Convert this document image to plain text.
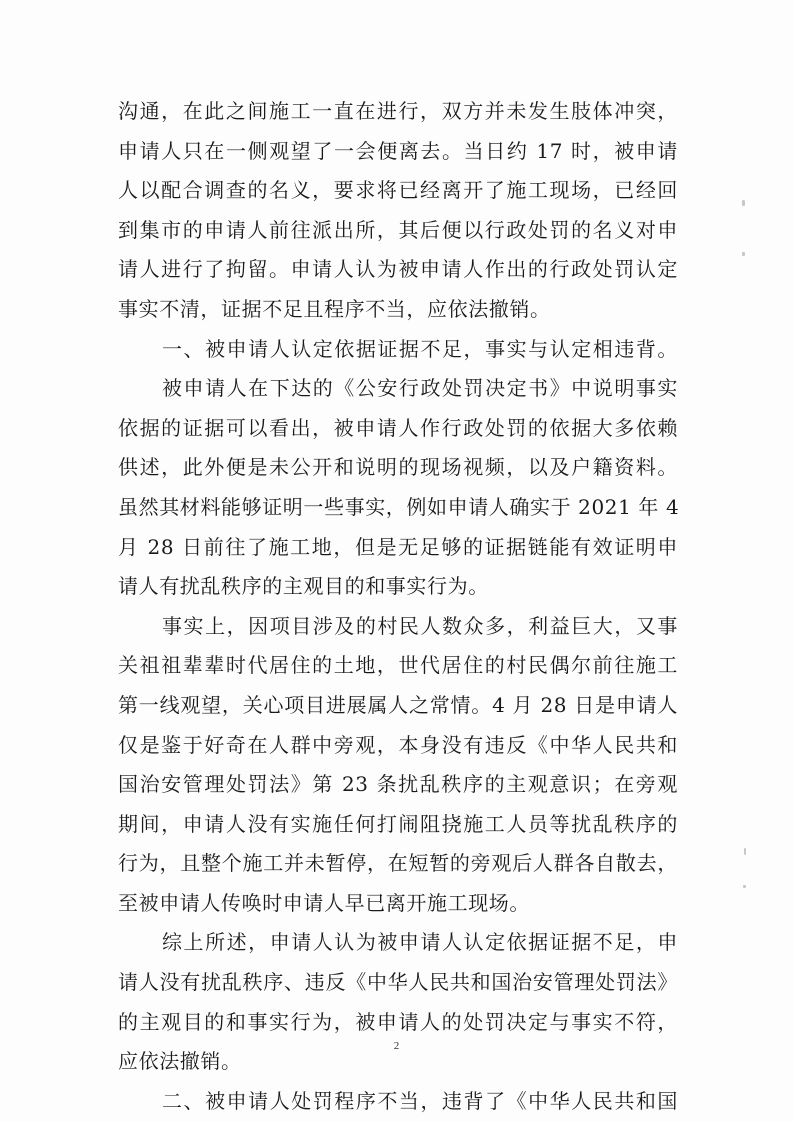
沟通，在此之间施工一直在进行，双方并未发生肢体冲突，
申请人只在一侧观望了一会便离去。当日约 17 时，被申请
人以配合调查的名义，要求将已经离开了施工现场，已经回
到集市的申请人前往派出所，其后便以行政处罚的名义对申
请人进行了拘留。申请人认为被申请人作出的行政处罚认定
事实不清，证据不足且程序不当，应依法撤销。
一、被申请人认定依据证据不足，事实与认定相违背。
被申请人在下达的《公安行政处罚决定书》中说明事实
依据的证据可以看出，被申请人作行政处罚的依据大多依赖
供述，此外便是未公开和说明的现场视频，以及户籍资料。
虽然其材料能够证明一些事实，例如申请人确实于 2021 年 4
月 28 日前往了施工地，但是无足够的证据链能有效证明申
请人有扰乱秩序的主观目的和事实行为。
事实上，因项目涉及的村民人数众多，利益巨大，又事
关祖祖辈辈时代居住的土地，世代居住的村民偶尔前往施工
第一线观望，关心项目进展属人之常情。4 月 28 日是申请人
仅是鉴于好奇在人群中旁观，本身没有违反《中华人民共和
国治安管理处罚法》第 23 条扰乱秩序的主观意识；在旁观
期间，申请人没有实施任何打闹阻挠施工人员等扰乱秩序的
行为，且整个施工并未暂停，在短暂的旁观后人群各自散去，
至被申请人传唤时申请人早已离开施工现场。
综上所述，申请人认为被申请人认定依据证据不足，申
请人没有扰乱秩序、违反《中华人民共和国治安管理处罚法》
的主观目的和事实行为，被申请人的处罚决定与事实不符，
应依法撤销。
二、被申请人处罚程序不当，违背了《中华人民共和国
2
